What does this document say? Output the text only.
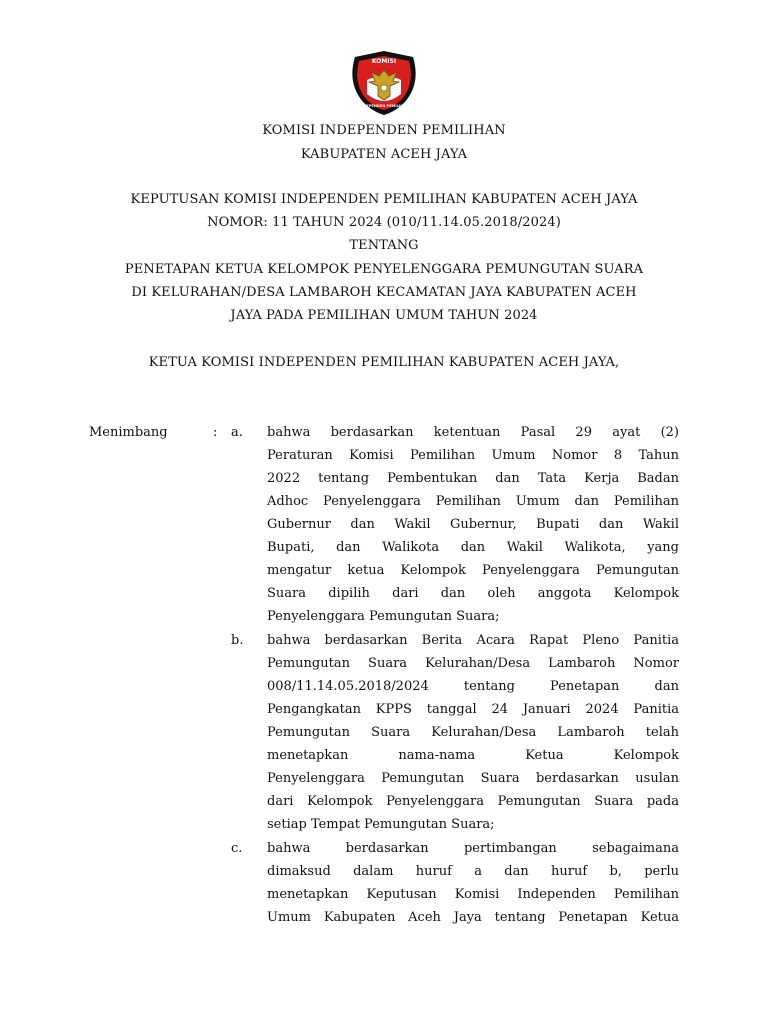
KOMISI
INDEPENDEN PEMILIHAN
KOMISI INDEPENDEN PEMILIHAN
KABUPATEN ACEH JAYA
KEPUTUSAN KOMISI INDEPENDEN PEMILIHAN KABUPATEN ACEH JAYA
NOMOR: 11 TAHUN 2024 (010/11.14.05.2018/2024)
TENTANG
PENETAPAN KETUA KELOMPOK PENYELENGGARA PEMUNGUTAN SUARA
DI KELURAHAN/DESA LAMBAROH KECAMATAN JAYA KABUPATEN ACEH
JAYA PADA PEMILIHAN UMUM TAHUN 2024
KETUA KOMISI INDEPENDEN PEMILIHAN KABUPATEN ACEH JAYA,
Menimbang	: a. bahwa berdasarkan ketentuan Pasal 29 ayat (2)
Peraturan Komisi Pemilihan Umum Nomor 8 Tahun
2022 tentang Pembentukan dan Tata Kerja Badan
Adhoc Penyelenggara Pemilihan Umum dan Pemilihan
Gubernur dan Wakil Gubernur, Bupati dan Wakil
Bupati, dan Walikota dan Wakil Walikota, yang
mengatur ketua Kelompok Penyelenggara Pemungutan
Suara dipilih dari dan oleh anggota Kelompok
Penyelenggara Pemungutan Suara;
b. bahwa berdasarkan Berita Acara Rapat Pleno Panitia
Pemungutan Suara Kelurahan/Desa Lambaroh Nomor
008/11.14.05.2018/2024 tentang Penetapan dan
Pengangkatan KPPS tanggal 24 Januari 2024 Panitia
Pemungutan Suara Kelurahan/Desa Lambaroh telah
menetapkan nama-nama Ketua Kelompok
Penyelenggara Pemungutan Suara berdasarkan usulan
dari Kelompok Penyelenggara Pemungutan Suara pada
setiap Tempat Pemungutan Suara;
c. bahwa berdasarkan pertimbangan sebagaimana
dimaksud dalam huruf a dan huruf b, perlu
menetapkan Keputusan Komisi Independen Pemilihan
Umum Kabupaten Aceh Jaya tentang Penetapan Ketua
